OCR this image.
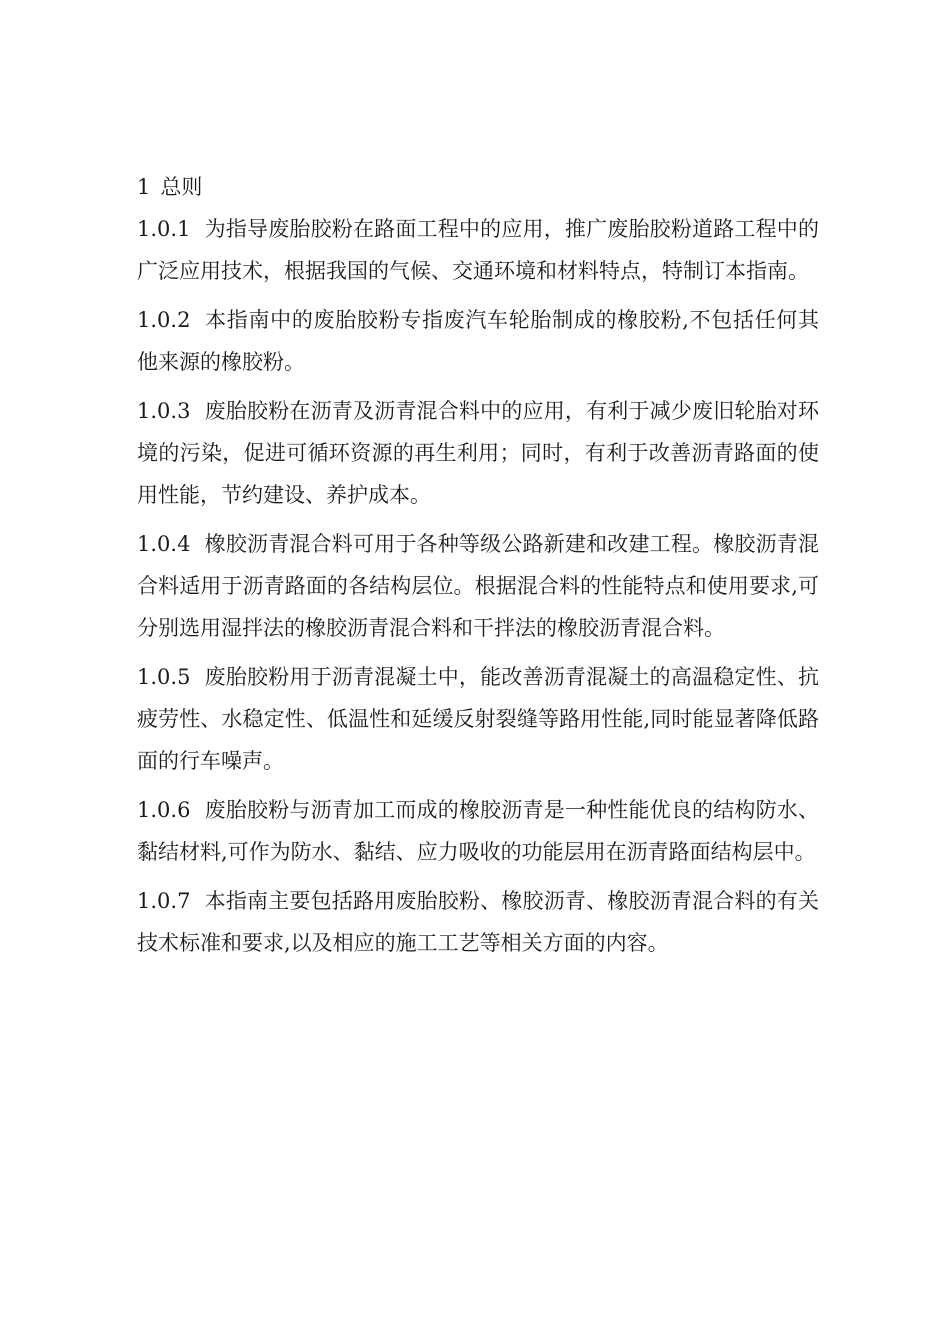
1 总则

1.0.1 为指导废胎胶粉在路面工程中的应用，推广废胎胶粉道路工程中的广泛应用技术，根据我国的气候、交通环境和材料特点，特制订本指南。

1.0.2 本指南中的废胎胶粉专指废汽车轮胎制成的橡胶粉,不包括任何其他来源的橡胶粉。

1.0.3 废胎胶粉在沥青及沥青混合料中的应用，有利于减少废旧轮胎对环境的污染，促进可循环资源的再生利用；同时，有利于改善沥青路面的使用性能，节约建设、养护成本。

1.0.4 橡胶沥青混合料可用于各种等级公路新建和改建工程。橡胶沥青混合料适用于沥青路面的各结构层位。根据混合料的性能特点和使用要求,可分别选用湿拌法的橡胶沥青混合料和干拌法的橡胶沥青混合料。

1.0.5 废胎胶粉用于沥青混凝土中，能改善沥青混凝土的高温稳定性、抗疲劳性、水稳定性、低温性和延缓反射裂缝等路用性能,同时能显著降低路面的行车噪声。

1.0.6 废胎胶粉与沥青加工而成的橡胶沥青是一种性能优良的结构防水、黏结材料,可作为防水、黏结、应力吸收的功能层用在沥青路面结构层中。

1.0.7 本指南主要包括路用废胎胶粉、橡胶沥青、橡胶沥青混合料的有关技术标准和要求,以及相应的施工工艺等相关方面的内容。
